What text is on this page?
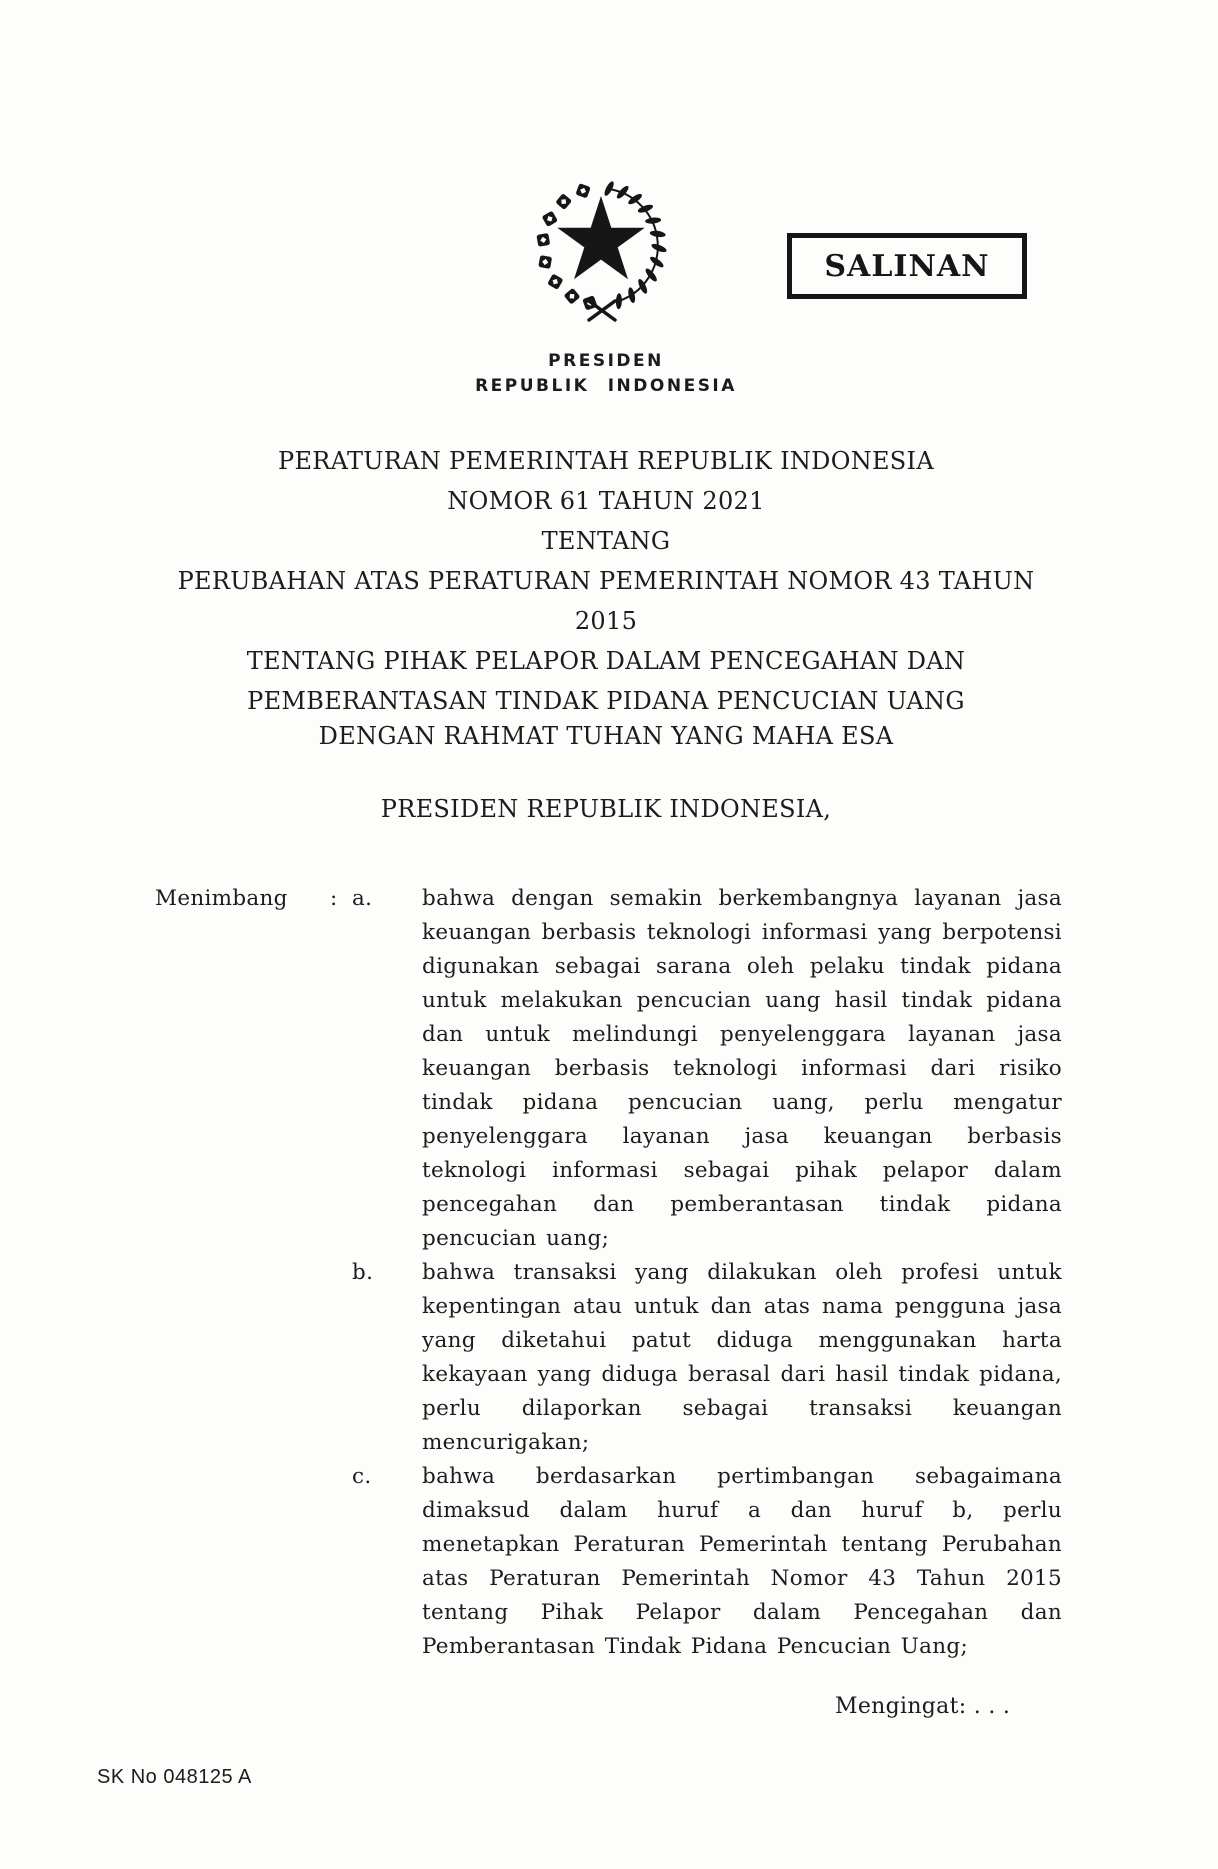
SALINAN
PRESIDEN
REPUBLIK INDONESIA
PERATURAN PEMERINTAH REPUBLIK INDONESIA
NOMOR 61 TAHUN 2021
TENTANG
PERUBAHAN ATAS PERATURAN PEMERINTAH NOMOR 43 TAHUN 2015
TENTANG PIHAK PELAPOR DALAM PENCEGAHAN DAN
PEMBERANTASAN TINDAK PIDANA PENCUCIAN UANG
DENGAN RAHMAT TUHAN YANG MAHA ESA
PRESIDEN REPUBLIK INDONESIA,
Menimbang : a. bahwa dengan semakin berkembangnya layanan jasa keuangan berbasis teknologi informasi yang berpotensi digunakan sebagai sarana oleh pelaku tindak pidana untuk melakukan pencucian uang hasil tindak pidana dan untuk melindungi penyelenggara layanan jasa keuangan berbasis teknologi informasi dari risiko tindak pidana pencucian uang, perlu mengatur penyelenggara layanan jasa keuangan berbasis teknologi informasi sebagai pihak pelapor dalam pencegahan dan pemberantasan tindak pidana pencucian uang;
b. bahwa transaksi yang dilakukan oleh profesi untuk kepentingan atau untuk dan atas nama pengguna jasa yang diketahui patut diduga menggunakan harta kekayaan yang diduga berasal dari hasil tindak pidana, perlu dilaporkan sebagai transaksi keuangan mencurigakan;
c. bahwa berdasarkan pertimbangan sebagaimana dimaksud dalam huruf a dan huruf b, perlu menetapkan Peraturan Pemerintah tentang Perubahan atas Peraturan Pemerintah Nomor 43 Tahun 2015 tentang Pihak Pelapor dalam Pencegahan dan Pemberantasan Tindak Pidana Pencucian Uang;
Mengingat: . . .
SK No 048125 A
